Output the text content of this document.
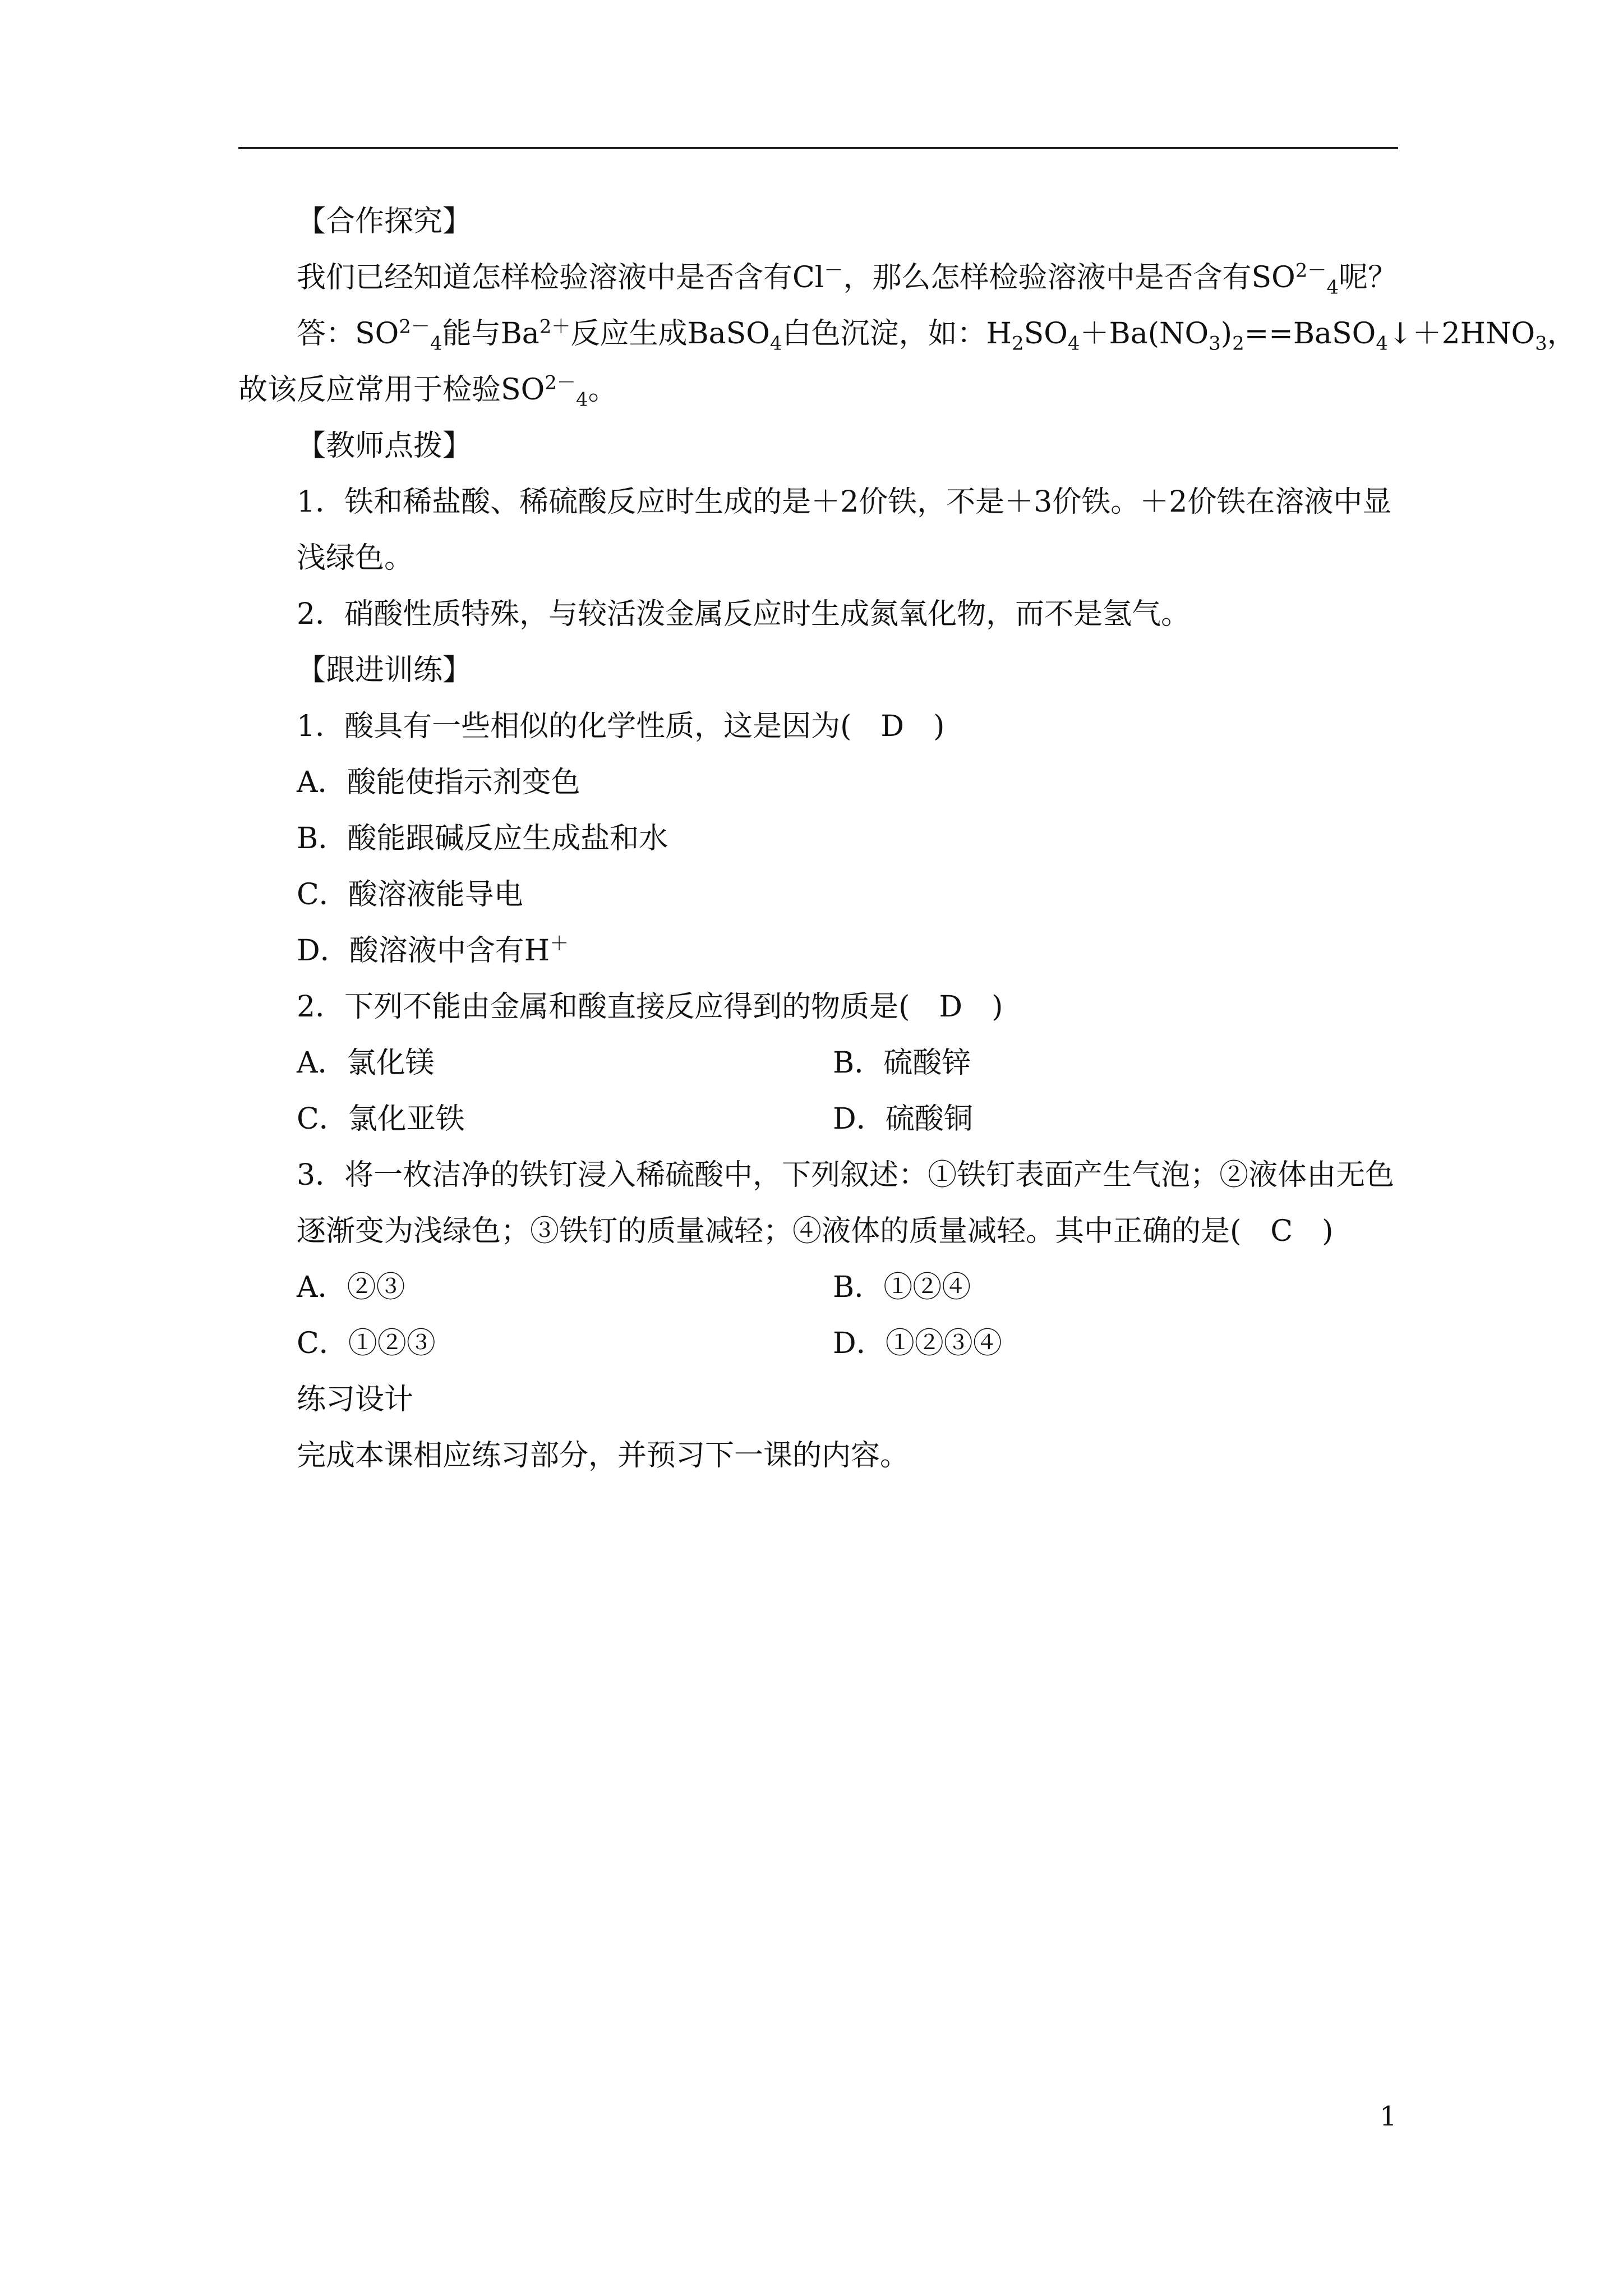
【合作探究】
我们已经知道怎样检验溶液中是否含有Cl－，那么怎样检验溶液中是否含有$SO^{2-}_4$呢？
答：$SO^{2-}_4$能与$Ba^{2+}$反应生成BaSO$_4$白色沉淀，如：$H_2SO_4+Ba(NO_3)_2==BaSO_4↓+2HNO_3$，
故该反应常用于检验$SO^{2-}_4$。
【教师点拨】
1．铁和稀盐酸、稀硫酸反应时生成的是＋2价铁，不是＋3价铁。＋2价铁在溶液中显浅绿色。
2．硝酸性质特殊，与较活泼金属反应时生成氮氧化物，而不是氢气。
【跟进训练】
1．酸具有一些相似的化学性质，这是因为(　D　)
A．酸能使指示剂变色
B．酸能跟碱反应生成盐和水
C．酸溶液能导电
D．酸溶液中含有H＋
2．下列不能由金属和酸直接反应得到的物质是(　D　)
A．氯化镁	B．硫酸锌
C．氯化亚铁	D．硫酸铜
3．将一枚洁净的铁钉浸入稀硫酸中，下列叙述：①铁钉表面产生气泡；②液体由无色逐渐变为浅绿色；③铁钉的质量减轻；④液体的质量减轻。其中正确的是(　C　)
A．②③	B．①②④
C．①②③	D．①②③④
练习设计
完成本课相应练习部分，并预习下一课的内容。
1
